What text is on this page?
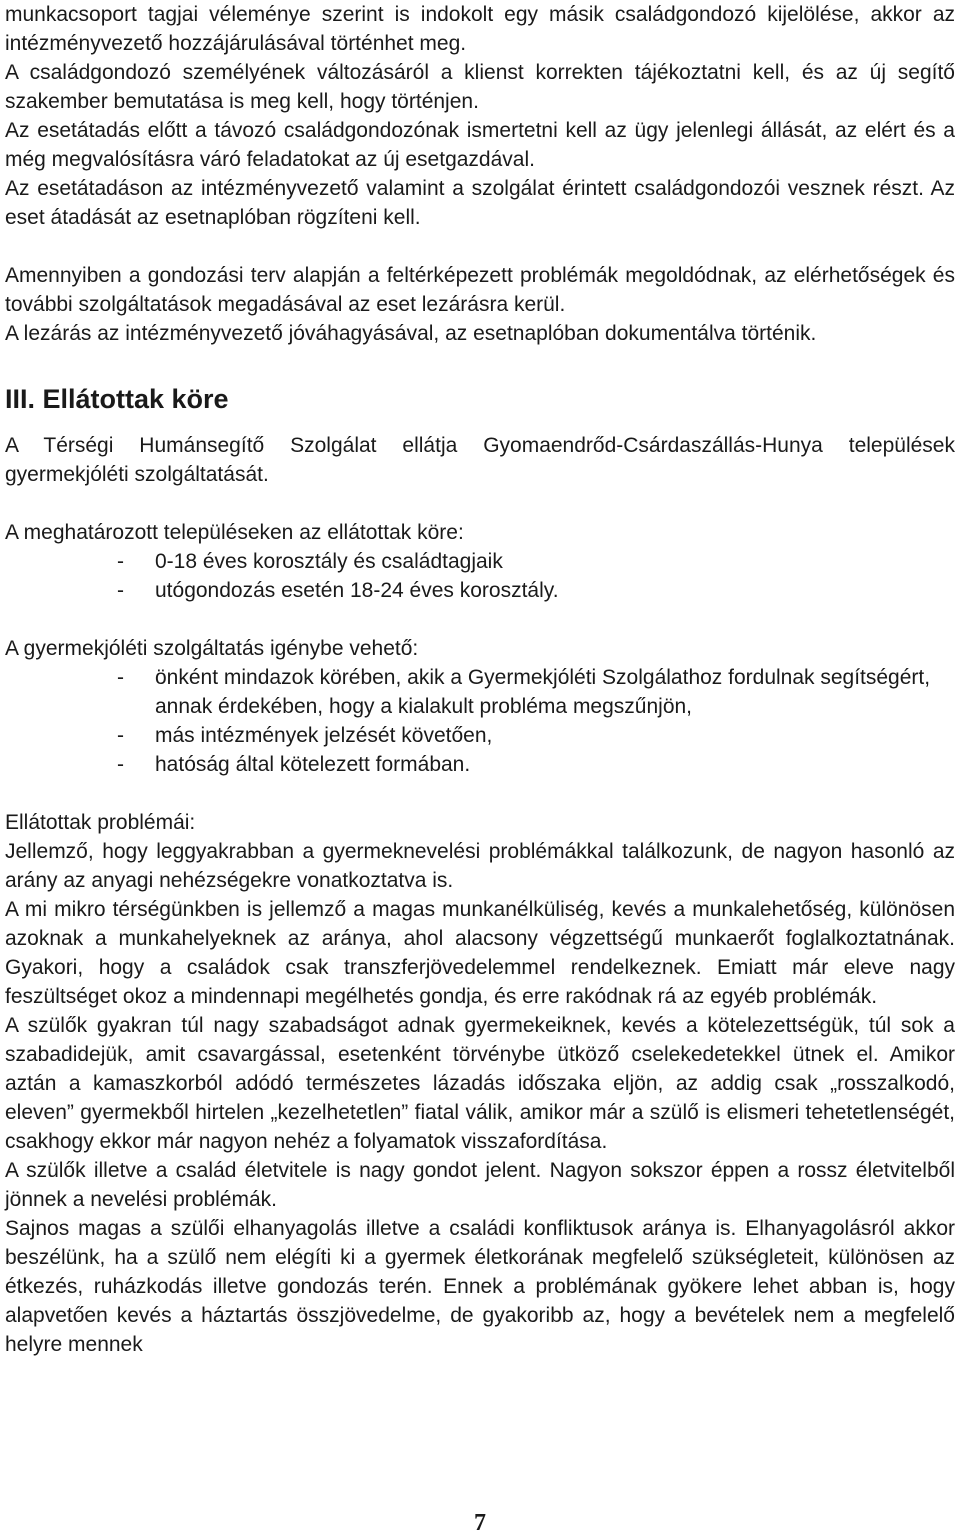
munkacsoport tagjai véleménye szerint is indokolt egy másik családgondozó kijelölése, akkor az intézményvezető hozzájárulásával történhet meg.

A családgondozó személyének változásáról a klienst korrekten tájékoztatni kell, és az új segítő szakember bemutatása is meg kell, hogy történjen.

Az esetátadás előtt a távozó családgondozónak ismertetni kell az ügy jelenlegi állását, az elért és a még megvalósításra váró feladatokat az új esetgazdával.

Az esetátadáson az intézményvezető valamint a szolgálat érintett családgondozói vesznek részt. Az eset átadását az esetnaplóban rögzíteni kell.

Amennyiben a gondozási terv alapján a feltérképezett problémák megoldódnak, az elérhetőségek és további szolgáltatások megadásával az eset lezárásra kerül.

A lezárás az intézményvezető jóváhagyásával, az esetnaplóban dokumentálva történik.

III. Ellátottak köre

A Térségi Humánsegítő Szolgálat ellátja Gyomaendrőd-Csárdaszállás-Hunya települések gyermekjóléti szolgáltatását.

A meghatározott településeken az ellátottak köre:

- 0-18 éves korosztály és családtagjaik
- utógondozás esetén 18-24 éves korosztály.

A gyermekjóléti szolgáltatás igénybe vehető:

- önként mindazok körében, akik a Gyermekjóléti Szolgálathoz fordulnak segítségért, annak érdekében, hogy a kialakult probléma megszűnjön,
- más intézmények jelzését követően,
- hatóság által kötelezett formában.

Ellátottak problémái:

Jellemző, hogy leggyakrabban a gyermeknevelési problémákkal találkozunk, de nagyon hasonló az arány az anyagi nehézségekre vonatkoztatva is.

A mi mikro térségünkben is jellemző a magas munkanélküliség, kevés a munkalehetőség, különösen azoknak a munkahelyeknek az aránya, ahol alacsony végzettségű munkaerőt foglalkoztatnának. Gyakori, hogy a családok csak transzferjövedelemmel rendelkeznek. Emiatt már eleve nagy feszültséget okoz a mindennapi megélhetés gondja, és erre rakódnak rá az egyéb problémák.

A szülők gyakran túl nagy szabadságot adnak gyermekeiknek, kevés a kötelezettségük, túl sok a szabadidejük, amit csavargással, esetenként törvénybe ütköző cselekedetekkel ütnek el. Amikor aztán a kamaszkorból adódó természetes lázadás időszaka eljön, az addig csak „rosszalkodó, eleven” gyermekből hirtelen „kezelhetetlen” fiatal válik, amikor már a szülő is elismeri tehetetlenségét, csakhogy ekkor már nagyon nehéz a folyamatok visszafordítása.

A szülők illetve a család életvitele is nagy gondot jelent. Nagyon sokszor éppen a rossz életvitelből jönnek a nevelési problémák.

Sajnos magas a szülői elhanyagolás illetve a családi konfliktusok aránya is. Elhanyagolásról akkor beszélünk, ha a szülő nem elégíti ki a gyermek életkorának megfelelő szükségleteit, különösen az étkezés, ruházkodás illetve gondozás terén. Ennek a problémának gyökere lehet abban is, hogy alapvetően kevés a háztartás összjövedelme, de gyakoribb az, hogy a bevételek nem a megfelelő helyre mennek

7
